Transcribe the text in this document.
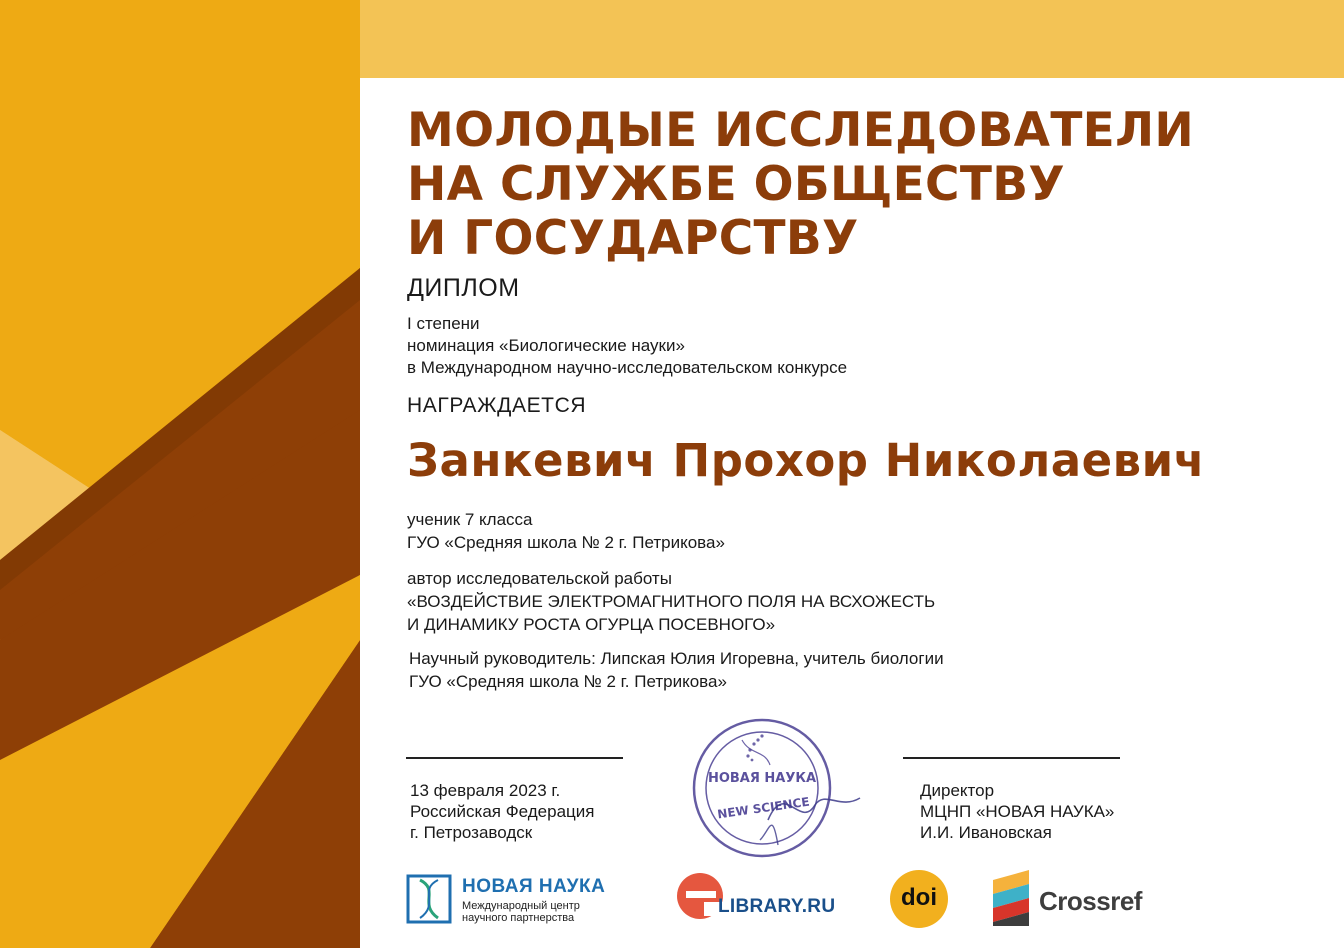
МОЛОДЫЕ ИССЛЕДОВАТЕЛИ
НА СЛУЖБЕ ОБЩЕСТВУ
И ГОСУДАРСТВУ
ДИПЛОМ
I степени
номинация «Биологические науки»
в Международном научно-исследовательском конкурсе
НАГРАЖДАЕТСЯ
Занкевич Прохор Николаевич
ученик 7 класса
ГУО «Средняя школа № 2 г. Петрикова»
автор исследовательской работы
«ВОЗДЕЙСТВИЕ ЭЛЕКТРОМАГНИТНОГО ПОЛЯ НА ВСХОЖЕСТЬ
И ДИНАМИКУ РОСТА ОГУРЦА ПОСЕВНОГО»
Научный руководитель: Липская Юлия Игоревна, учитель биологии
ГУО «Средняя школа № 2 г. Петрикова»
13 февраля 2023 г.
Российская Федерация
г. Петрозаводск
Директор
МЦНП «НОВАЯ НАУКА»
И.И. Ивановская
НОВАЯ НАУКА
NEW SCIENCE
НОВАЯ НАУКА
Международный центр
научного партнерства
LIBRARY.RU	doi	Crossref
